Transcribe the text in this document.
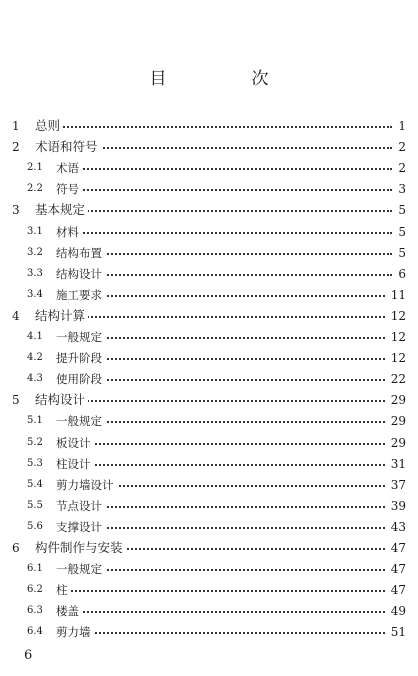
目　次
1 总则	1
2 术语和符号	2
2.1 术语	2
2.2 符号	3
3 基本规定	5
3.1 材料	5
3.2 结构布置	5
3.3 结构设计	6
3.4 施工要求	11
4 结构计算	12
4.1 一般规定	12
4.2 提升阶段	12
4.3 使用阶段	22
5 结构设计	29
5.1 一般规定	29
5.2 板设计	29
5.3 柱设计	31
5.4 剪力墙设计	37
5.5 节点设计	39
5.6 支撑设计	43
6 构件制作与安装	47
6.1 一般规定	47
6.2 柱	47
6.3 楼盖	49
6.4 剪力墙	51
6
